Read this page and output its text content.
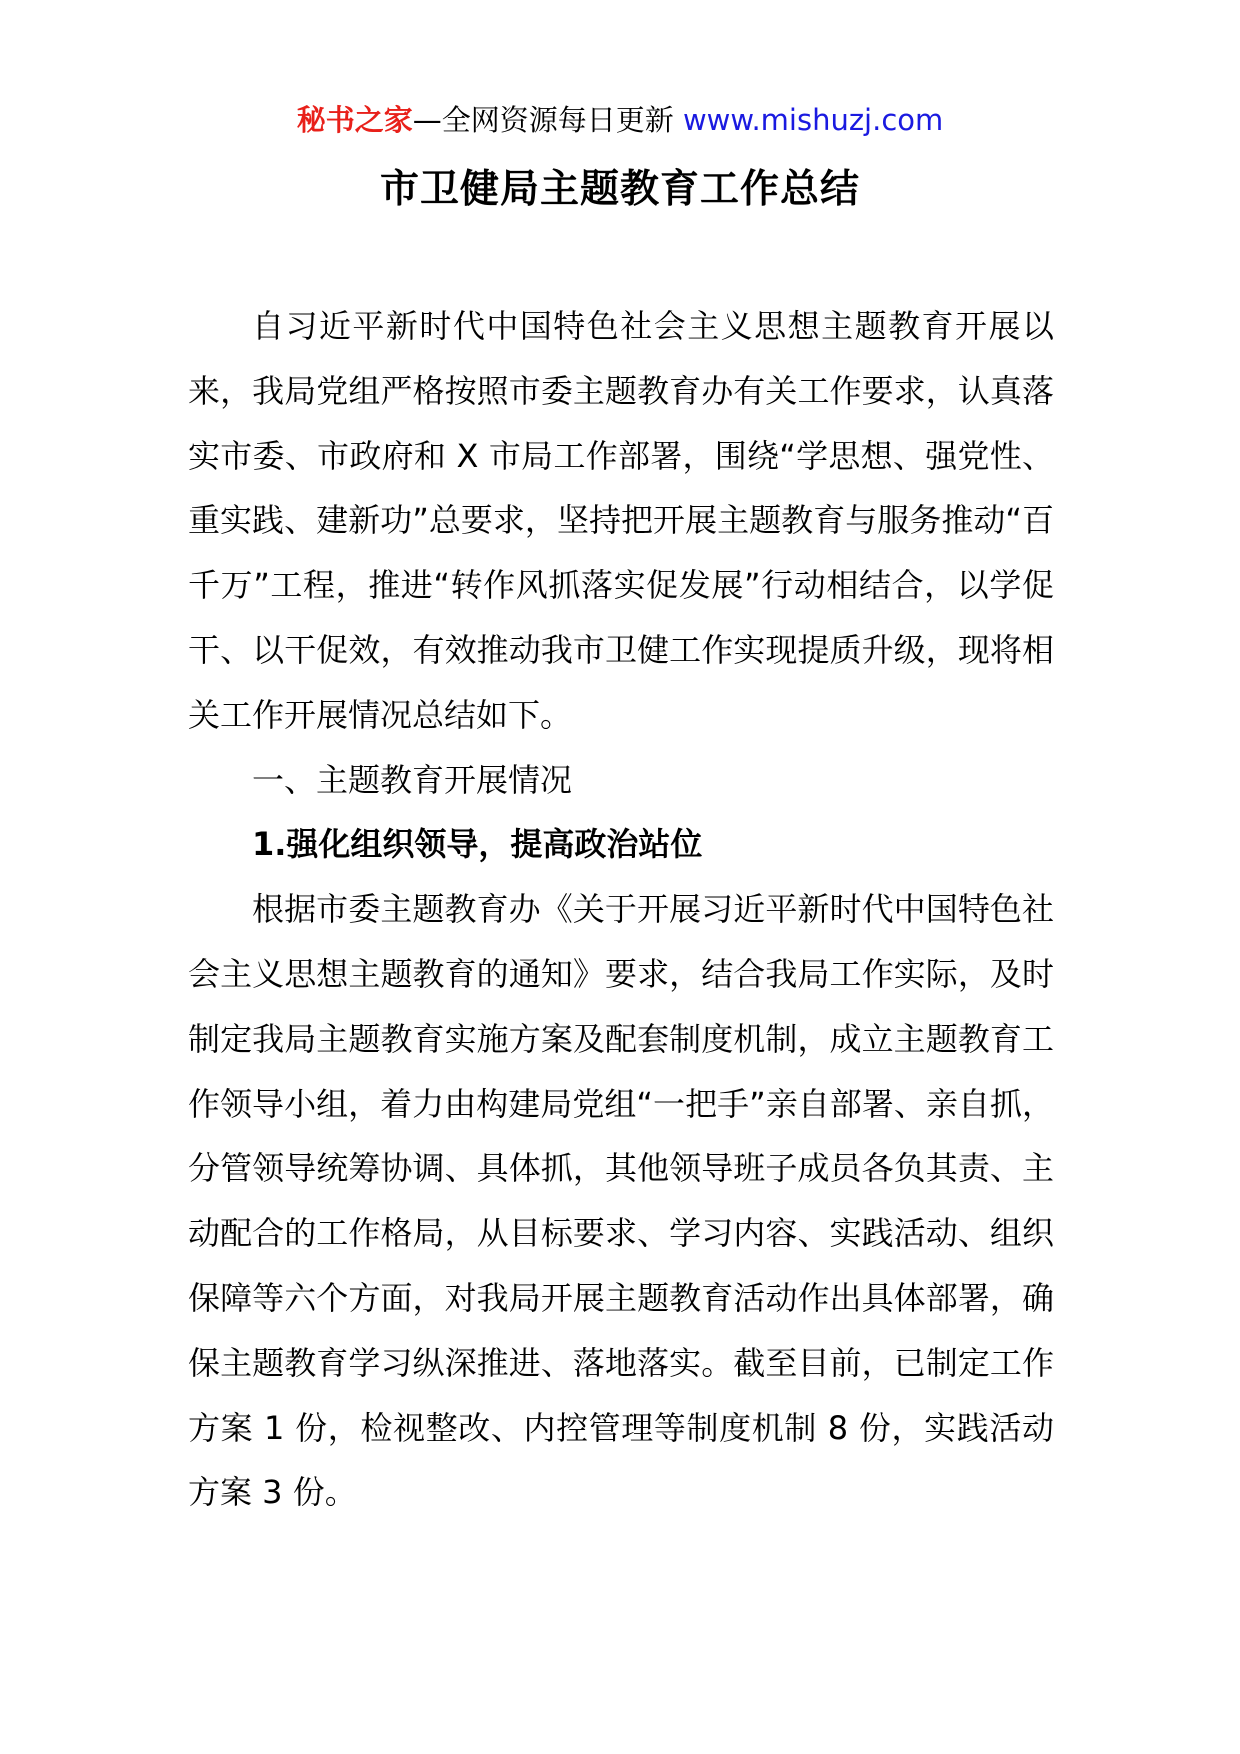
秘书之家—全网资源每日更新 www.mishuzj.com
市卫健局主题教育工作总结

自习近平新时代中国特色社会主义思想主题教育开展以来，我局党组严格按照市委主题教育办有关工作要求，认真落实市委、市政府和 X 市局工作部署，围绕“学思想、强党性、重实践、建新功”总要求，坚持把开展主题教育与服务推动“百千万”工程，推进“转作风抓落实促发展”行动相结合，以学促干、以干促效，有效推动我市卫健工作实现提质升级，现将相关工作开展情况总结如下。

一、主题教育开展情况

1.强化组织领导，提高政治站位

根据市委主题教育办《关于开展习近平新时代中国特色社会主义思想主题教育的通知》要求，结合我局工作实际，及时制定我局主题教育实施方案及配套制度机制，成立主题教育工作领导小组，着力由构建局党组“一把手”亲自部署、亲自抓，分管领导统筹协调、具体抓，其他领导班子成员各负其责、主动配合的工作格局，从目标要求、学习内容、实践活动、组织保障等六个方面，对我局开展主题教育活动作出具体部署，确保主题教育学习纵深推进、落地落实。截至目前，已制定工作方案 1 份，检视整改、内控管理等制度机制 8 份，实践活动方案 3 份。
